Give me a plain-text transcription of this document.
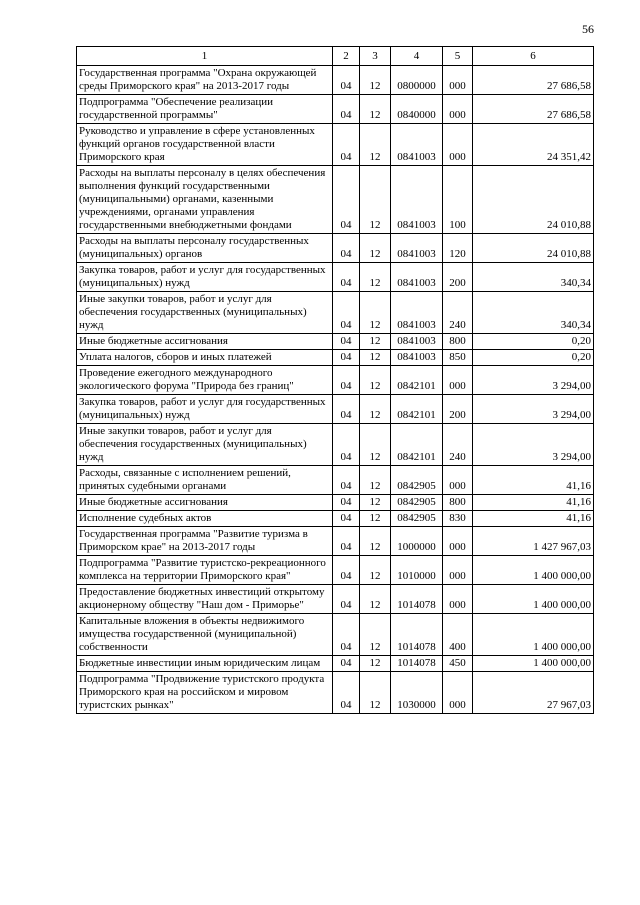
56
1	2	3	4	5	6
Государственная программа "Охрана окружающей среды Приморского края" на 2013-2017 годы	04	12	0800000	000	27 686,58
Подпрограмма "Обеспечение реализации государственной программы"	04	12	0840000	000	27 686,58
Руководство и управление в сфере установленных функций органов государственной власти Приморского края	04	12	0841003	000	24 351,42
Расходы на выплаты персоналу в целях обеспечения выполнения функций государственными (муниципальными) органами, казенными учреждениями, органами управления государственными внебюджетными фондами	04	12	0841003	100	24 010,88
Расходы на выплаты персоналу государственных (муниципальных) органов	04	12	0841003	120	24 010,88
Закупка товаров, работ и услуг для государственных (муниципальных) нужд	04	12	0841003	200	340,34
Иные закупки товаров, работ и услуг для обеспечения государственных (муниципальных) нужд	04	12	0841003	240	340,34
Иные бюджетные ассигнования	04	12	0841003	800	0,20
Уплата налогов, сборов и иных платежей	04	12	0841003	850	0,20
Проведение ежегодного международного экологического форума "Природа без границ"	04	12	0842101	000	3 294,00
Закупка товаров, работ и услуг для государственных (муниципальных) нужд	04	12	0842101	200	3 294,00
Иные закупки товаров, работ и услуг для обеспечения государственных (муниципальных) нужд	04	12	0842101	240	3 294,00
Расходы, связанные с исполнением решений, принятых судебными органами	04	12	0842905	000	41,16
Иные бюджетные ассигнования	04	12	0842905	800	41,16
Исполнение судебных актов	04	12	0842905	830	41,16
Государственная программа "Развитие туризма в Приморском крае" на 2013-2017 годы	04	12	1000000	000	1 427 967,03
Подпрограмма "Развитие туристско-рекреационного комплекса на территории Приморского края"	04	12	1010000	000	1 400 000,00
Предоставление бюджетных инвестиций открытому акционерному обществу "Наш дом - Приморье"	04	12	1014078	000	1 400 000,00
Капитальные вложения в объекты недвижимого имущества государственной (муниципальной) собственности	04	12	1014078	400	1 400 000,00
Бюджетные инвестиции иным юридическим лицам	04	12	1014078	450	1 400 000,00
Подпрограмма "Продвижение туристского продукта Приморского края на российском и мировом туристских рынках"	04	12	1030000	000	27 967,03
